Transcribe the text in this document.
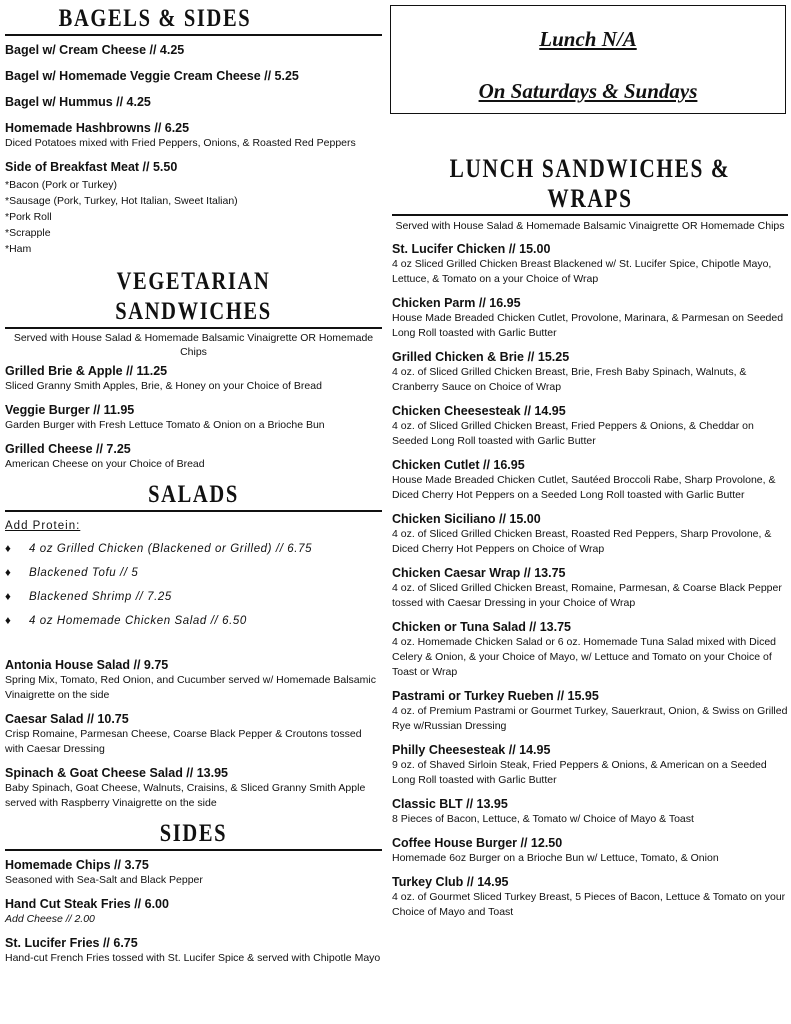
BAGELS & SIDES
Bagel w/ Cream Cheese // 4.25
Bagel w/ Homemade Veggie Cream Cheese // 5.25
Bagel w/ Hummus // 4.25
Homemade Hashbrowns // 6.25
Diced Potatoes mixed with Fried Peppers, Onions, & Roasted Red Peppers
Side of Breakfast Meat // 5.50
*Bacon (Pork or Turkey)
*Sausage (Pork, Turkey, Hot Italian, Sweet Italian)
*Pork Roll
*Scrapple
*Ham
VEGETARIAN SANDWICHES
Served with House Salad & Homemade Balsamic Vinaigrette OR Homemade Chips
Grilled Brie & Apple // 11.25
Sliced Granny Smith Apples, Brie, & Honey on your Choice of Bread
Veggie Burger // 11.95
Garden Burger with Fresh Lettuce Tomato & Onion on a Brioche Bun
Grilled Cheese // 7.25
American Cheese on your Choice of Bread
SALADS
Add Protein:
♦ 4 oz Grilled Chicken (Blackened or Grilled) // 6.75
♦ Blackened Tofu // 5
♦ Blackened Shrimp // 7.25
♦ 4 oz Homemade Chicken Salad // 6.50
Antonia House Salad // 9.75
Spring Mix, Tomato, Red Onion, and Cucumber served w/ Homemade Balsamic Vinaigrette on the side
Caesar Salad // 10.75
Crisp Romaine, Parmesan Cheese, Coarse Black Pepper & Croutons tossed with Caesar Dressing
Spinach & Goat Cheese Salad // 13.95
Baby Spinach, Goat Cheese, Walnuts, Craisins, & Sliced Granny Smith Apple served with Raspberry Vinaigrette on the side
SIDES
Homemade Chips // 3.75
Seasoned with Sea-Salt and Black Pepper
Hand Cut Steak Fries // 6.00
Add Cheese // 2.00
St. Lucifer Fries // 6.75
Hand-cut French Fries tossed with St. Lucifer Spice & served with Chipotle Mayo
Lunch N/A
On Saturdays & Sundays
LUNCH SANDWICHES & WRAPS
Served with House Salad & Homemade Balsamic Vinaigrette OR Homemade Chips
St. Lucifer Chicken // 15.00
4 oz Sliced Grilled Chicken Breast Blackened w/ St. Lucifer Spice, Chipotle Mayo, Lettuce, & Tomato on a your Choice of Wrap
Chicken Parm // 16.95
House Made Breaded Chicken Cutlet, Provolone, Marinara, & Parmesan on Seeded Long Roll toasted with Garlic Butter
Grilled Chicken & Brie // 15.25
4 oz. of Sliced Grilled Chicken Breast, Brie, Fresh Baby Spinach, Walnuts, & Cranberry Sauce on Choice of Wrap
Chicken Cheesesteak // 14.95
4 oz. of Sliced Grilled Chicken Breast, Fried Peppers & Onions, & Cheddar on Seeded Long Roll toasted with Garlic Butter
Chicken Cutlet // 16.95
House Made Breaded Chicken Cutlet, Sautéed Broccoli Rabe, Sharp Provolone, & Diced Cherry Hot Peppers on a Seeded Long Roll toasted with Garlic Butter
Chicken Siciliano // 15.00
4 oz. of Sliced Grilled Chicken Breast, Roasted Red Peppers, Sharp Provolone, & Diced Cherry Hot Peppers on Choice of Wrap
Chicken Caesar Wrap // 13.75
4 oz. of Sliced Grilled Chicken Breast, Romaine, Parmesan, & Coarse Black Pepper tossed with Caesar Dressing in your Choice of Wrap
Chicken or Tuna Salad // 13.75
4 oz. Homemade Chicken Salad or 6 oz. Homemade Tuna Salad mixed with Diced Celery & Onion, & your Choice of Mayo, w/ Lettuce and Tomato on your Choice of Toast or Wrap
Pastrami or Turkey Rueben // 15.95
4 oz. of Premium Pastrami or Gourmet Turkey, Sauerkraut, Onion, & Swiss on Grilled Rye w/Russian Dressing
Philly Cheesesteak // 14.95
9 oz. of Shaved Sirloin Steak, Fried Peppers & Onions, & American on a Seeded Long Roll toasted with Garlic Butter
Classic BLT // 13.95
8 Pieces of Bacon, Lettuce, & Tomato w/ Choice of Mayo & Toast
Coffee House Burger // 12.50
Homemade 6oz Burger on a Brioche Bun w/ Lettuce, Tomato, & Onion
Turkey Club // 14.95
4 oz. of Gourmet Sliced Turkey Breast, 5 Pieces of Bacon, Lettuce & Tomato on your Choice of Mayo and Toast
